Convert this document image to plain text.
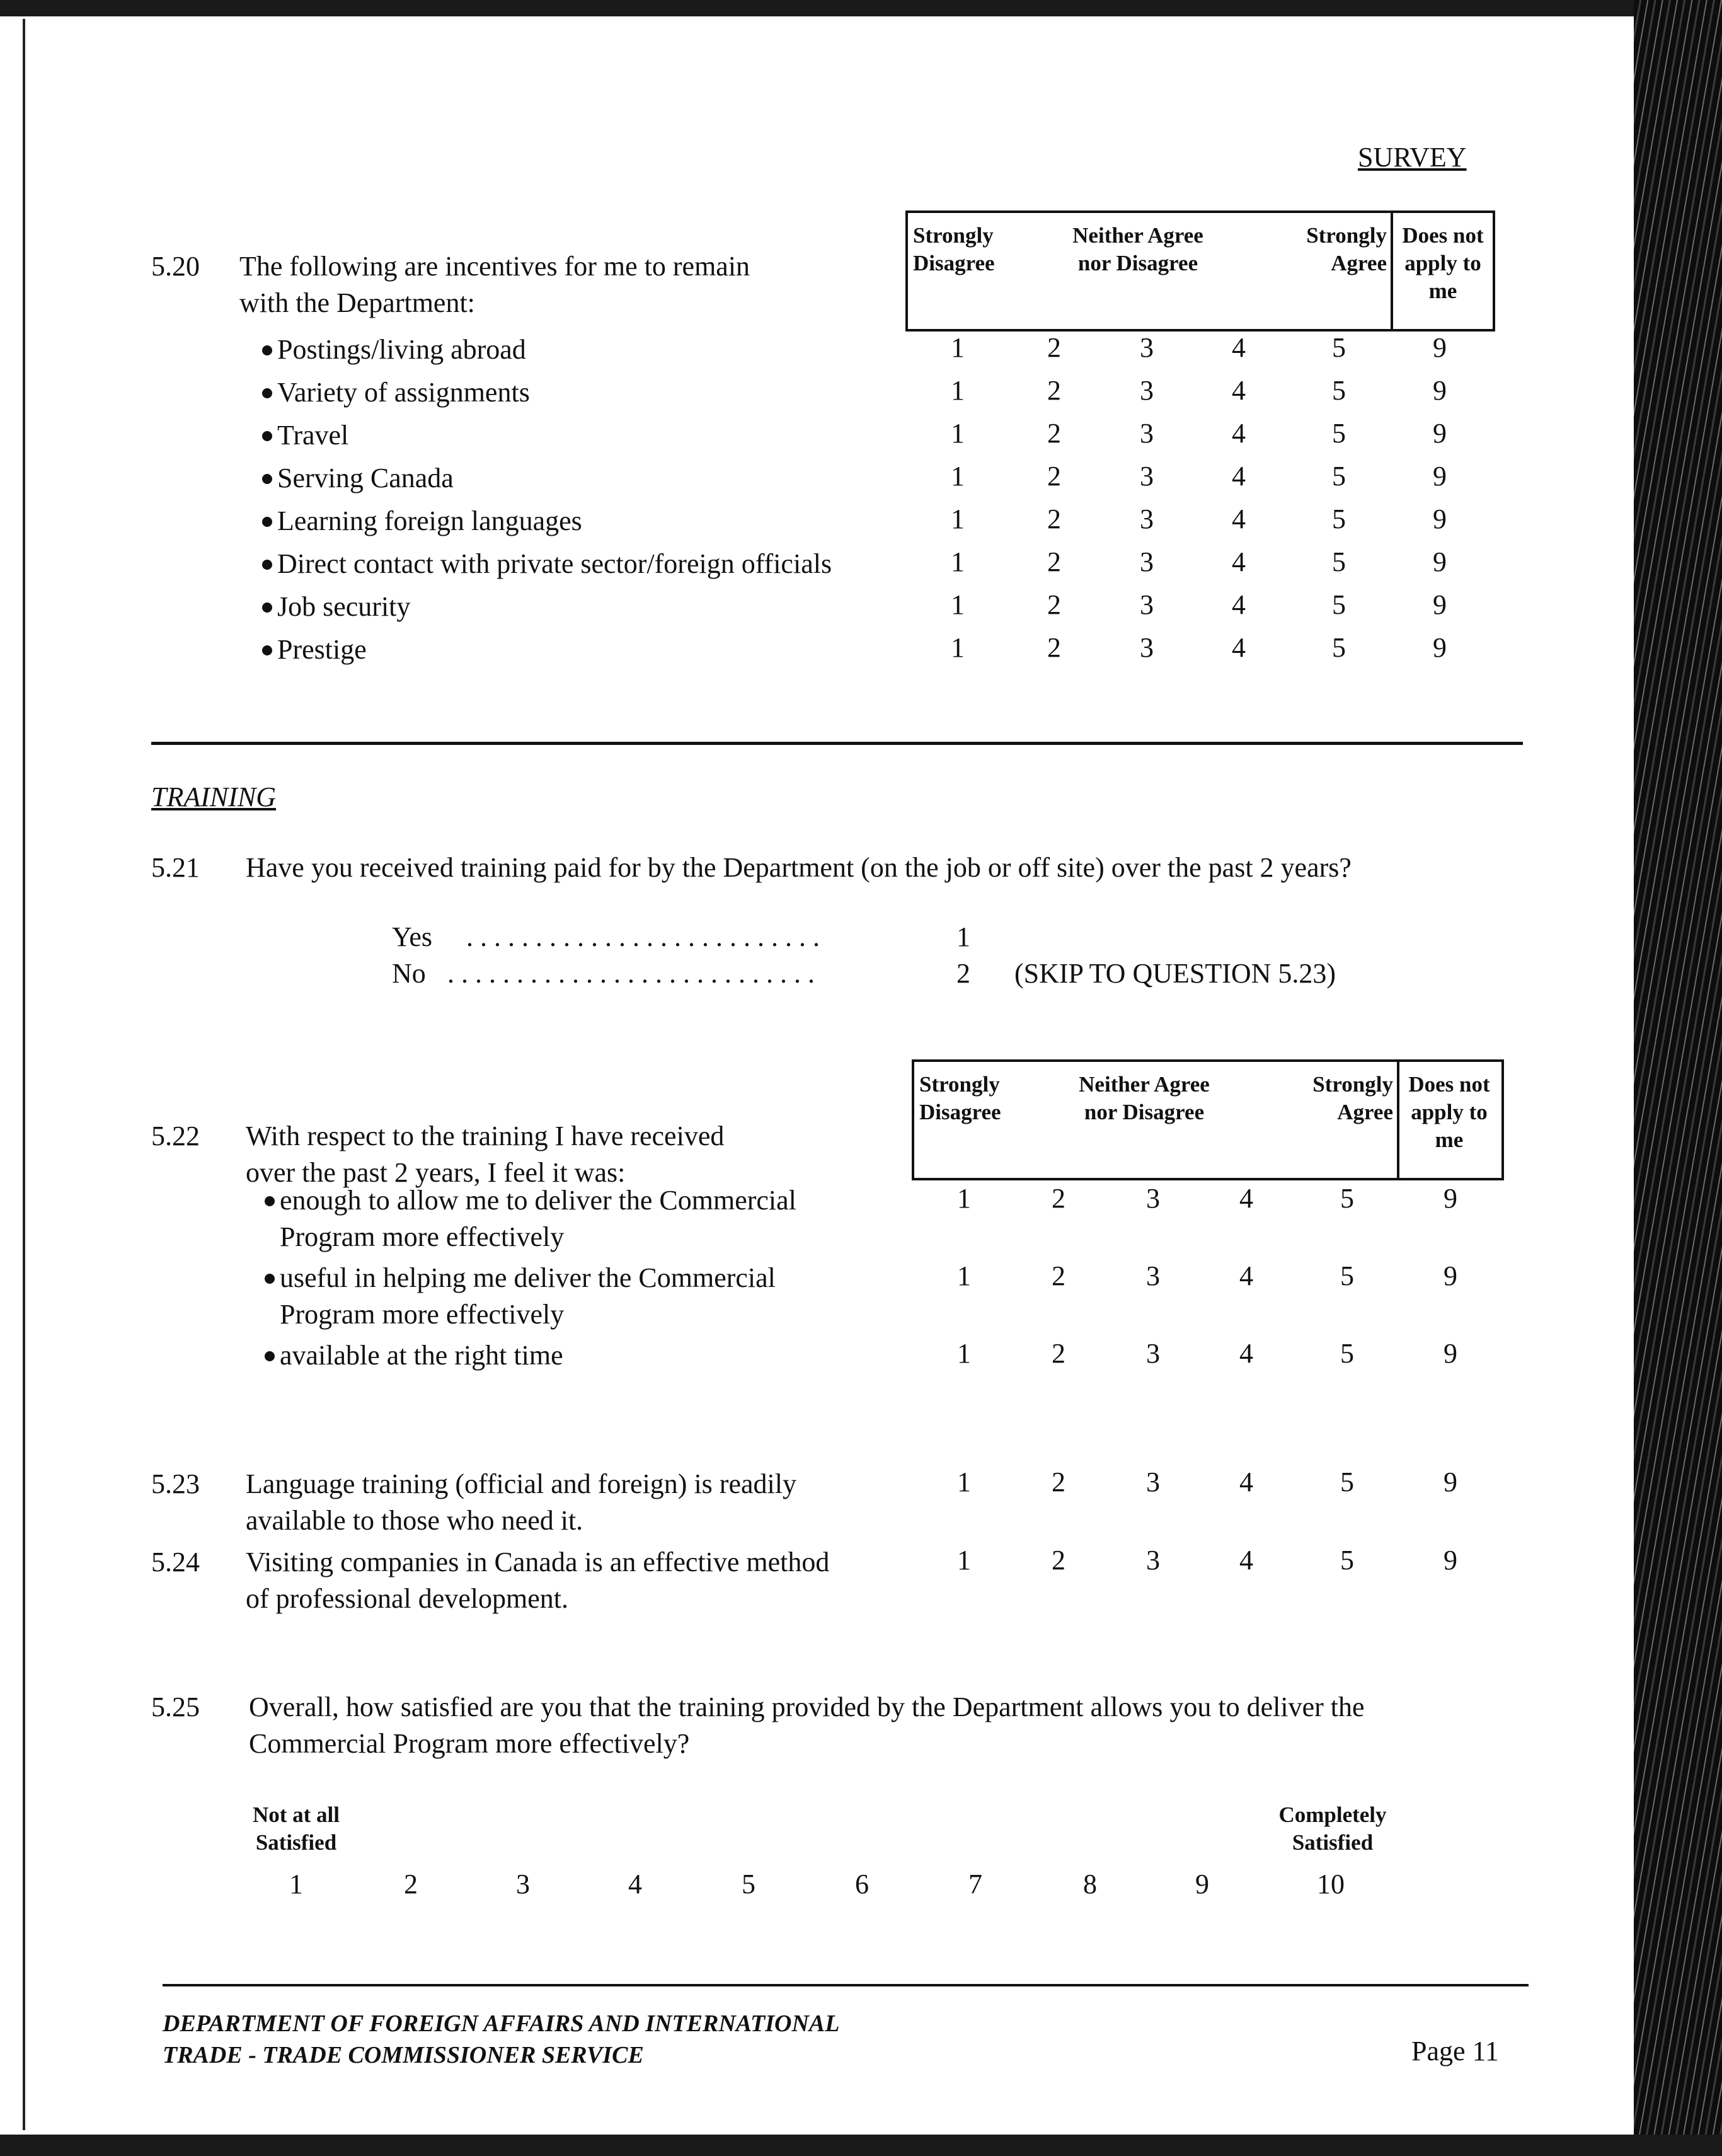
SURVEY
Strongly Disagree
Neither Agree nor Disagree
Strongly Agree
Does not apply to me
5.20 The following are incentives for me to remain
with the Department:
Postings/living abroad	1	2	3	4	5	9
Variety of assignments	1	2	3	4	5	9
Travel	1	2	3	4	5	9
Serving Canada	1	2	3	4	5	9
Learning foreign languages	1	2	3	4	5	9
Direct contact with private sector/foreign officials	1	2	3	4	5	9
Job security	1	2	3	4	5	9
Prestige	1	2	3	4	5	9
TRAINING
5.21 Have you received training paid for by the Department (on the job or off site) over the past 2 years?
Yes . . . . . . . . . . . . . . . . . . . . . . . . . .	1
No . . . . . . . . . . . . . . . . . . . . . . . . . . .	2 (SKIP TO QUESTION 5.23)
Strongly Disagree
Neither Agree nor Disagree
Strongly Agree
Does not apply to me
5.22 With respect to the training I have received
over the past 2 years, I feel it was:
enough to allow me to deliver the Commercial
Program more effectively
1	2	3	4	5	9
useful in helping me deliver the Commercial
Program more effectively
1	2	3	4	5	9
available at the right time	1	2	3	4	5	9
5.23 Language training (official and foreign) is readily
available to those who need it.
1	2	3	4	5	9
5.24 Visiting companies in Canada is an effective method
of professional development.
1	2	3	4	5	9
5.25 Overall, how satisfied are you that the training provided by the Department allows you to deliver the
Commercial Program more effectively?
Not at all Satisfied
Completely Satisfied
1	2	3	4	5	6	7	8	9	10
DEPARTMENT OF FOREIGN AFFAIRS AND INTERNATIONAL
TRADE - TRADE COMMISSIONER SERVICE	Page 11
